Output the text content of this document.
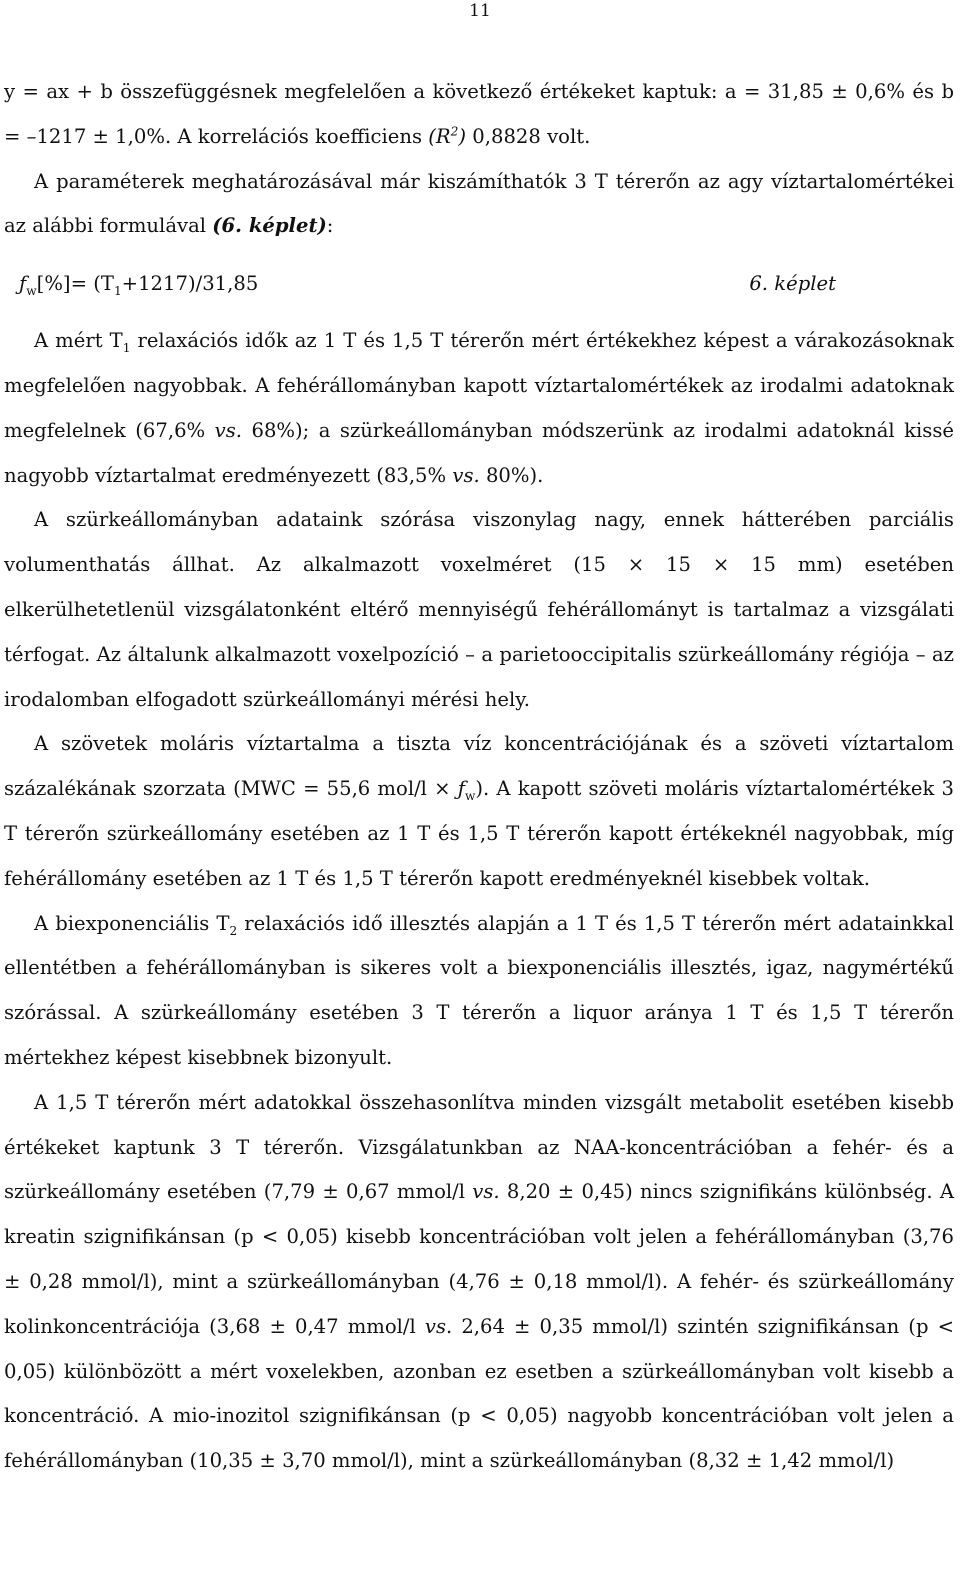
11

y = ax + b összefüggésnek megfelelően a következő értékeket kaptuk: a = 31,85 ± 0,6% és b = –1217 ± 1,0%. A korrelációs koefficiens $(R^2)$ 0,8828 volt.

A paraméterek meghatározásával már kiszámíthatók 3 T térerőn az agy víztartalomértékei az alábbi formulával (6. képlet):

$ƒ_w[\%]= (T_1+1217)/31,85$	6. képlet

A mért $T_1$ relaxációs idők az 1 T és 1,5 T térerőn mért értékekhez képest a várakozásoknak megfelelően nagyobbak. A fehérállományban kapott víztartalomértékek az irodalmi adatoknak megfelelnek (67,6% vs. 68%); a szürkeállományban módszerünk az irodalmi adatoknál kissé nagyobb víztartalmat eredményezett (83,5% vs. 80%).

A szürkeállományban adataink szórása viszonylag nagy, ennek hátterében parciális volumenthatás állhat. Az alkalmazott voxelméret (15 × 15 × 15 mm) esetében elkerülhetetlenül vizsgálatonként eltérő mennyiségű fehérállományt is tartalmaz a vizsgálati térfogat. Az általunk alkalmazott voxelpozíció – a parietooccipitalis szürkeállomány régiója – az irodalomban elfogadott szürkeállományi mérési hely.

A szövetek moláris víztartalma a tiszta víz koncentrációjának és a szöveti víztartalom százalékának szorzata (MWC = 55,6 $mol/l \times ƒ_w$). A kapott szöveti moláris víztartalomértékek 3 T térerőn szürkeállomány esetében az 1 T és 1,5 T térerőn kapott értékeknél nagyobbak, míg fehérállomány esetében az 1 T és 1,5 T térerőn kapott eredményeknél kisebbek voltak.

A biexponenciális $T_2$ relaxációs idő illesztés alapján a 1 T és 1,5 T térerőn mért adatainkkal ellentétben a fehérállományban is sikeres volt a biexponenciális illesztés, igaz, nagymértékű szórással. A szürkeállomány esetében 3 T térerőn a liquor aránya 1 T és 1,5 T térerőn mértekhez képest kisebbnek bizonyult.

A 1,5 T térerőn mért adatokkal összehasonlítva minden vizsgált metabolit esetében kisebb értékeket kaptunk 3 T térerőn. Vizsgálatunkban az NAA-koncentrációban a fehér- és a szürkeállomány esetében (7,79 ± 0,67 mmol/l vs. 8,20 ± 0,45) nincs szignifikáns különbség. A kreatin szignifikánsan (p < 0,05) kisebb koncentrációban volt jelen a fehérállományban (3,76 ± 0,28 mmol/l), mint a szürkeállományban (4,76 ± 0,18 mmol/l). A fehér- és szürkeállomány kolinkoncentrációja (3,68 ± 0,47 mmol/l vs. 2,64 ± 0,35 mmol/l) szintén szignifikánsan (p < 0,05) különbözött a mért voxelekben, azonban ez esetben a szürkeállományban volt kisebb a koncentráció. A mio-inozitol szignifikánsan (p < 0,05) nagyobb koncentrációban volt jelen a fehérállományban (10,35 ± 3,70 mmol/l), mint a szürkeállományban (8,32 ± 1,42 mmol/l)
